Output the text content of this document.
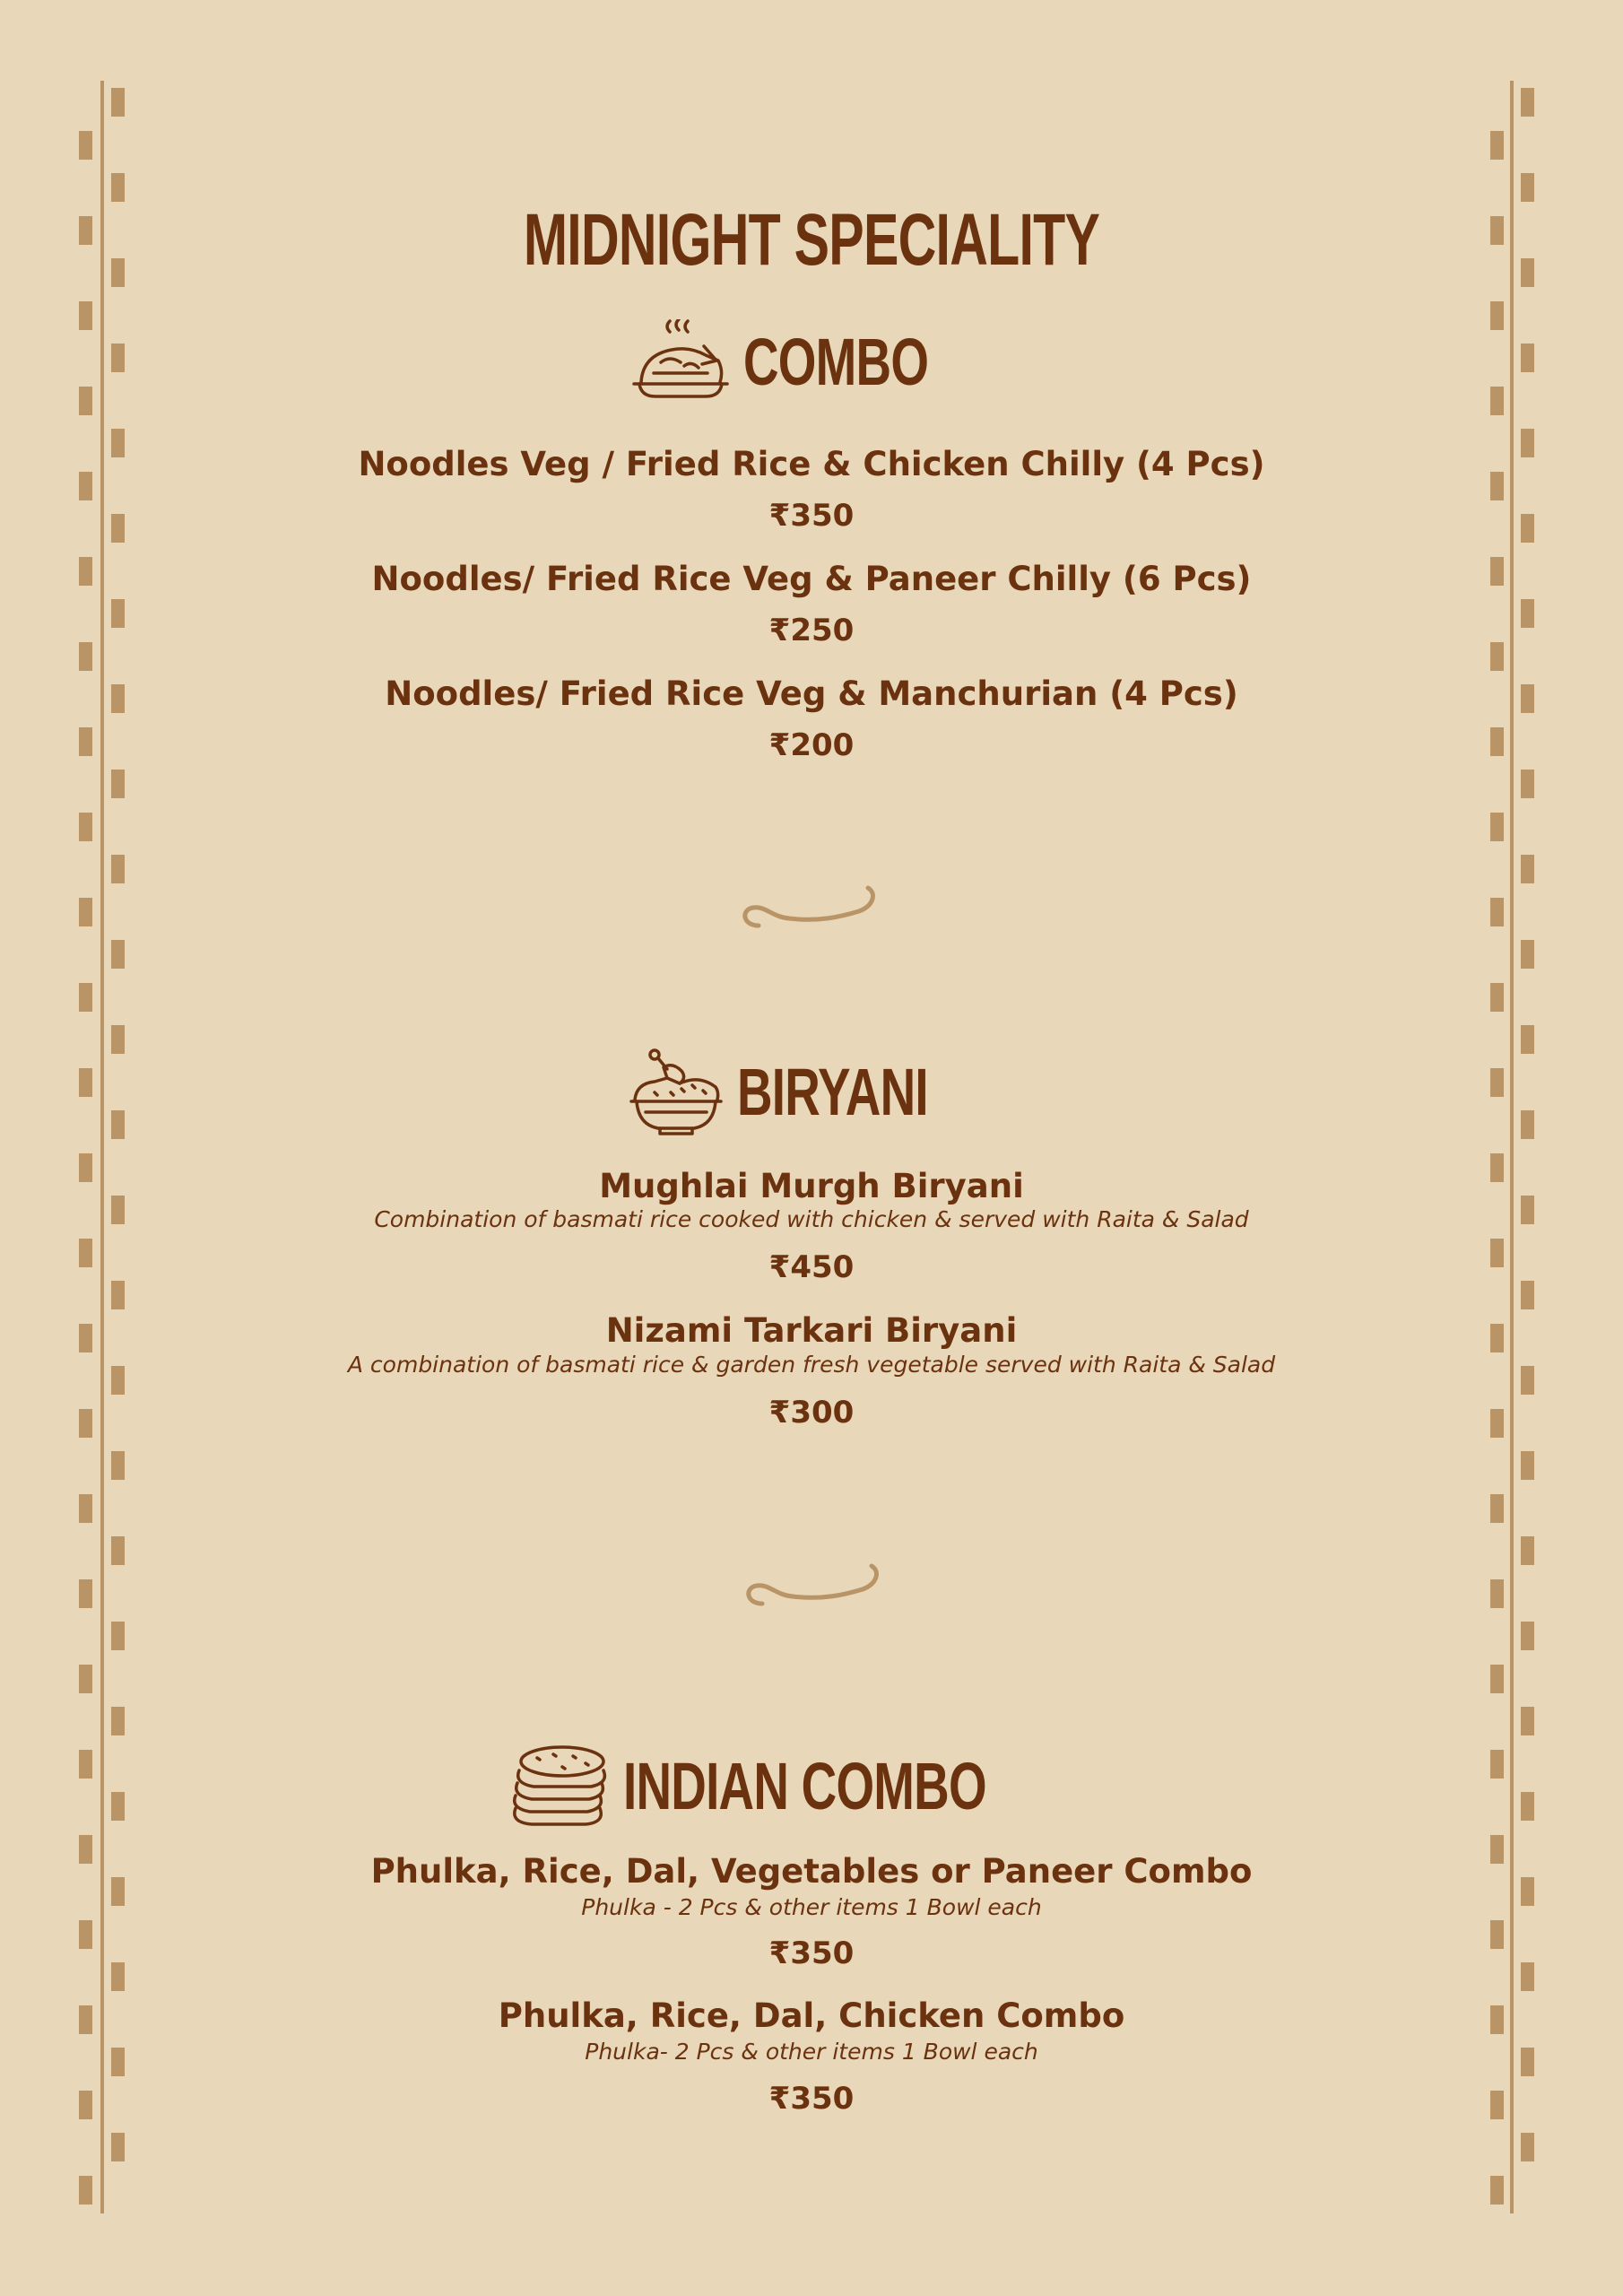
MIDNIGHT SPECIALITY
COMBO
Noodles Veg / Fried Rice & Chicken Chilly (4 Pcs)
₹350
Noodles/ Fried Rice Veg & Paneer Chilly (6 Pcs)
₹250
Noodles/ Fried Rice Veg & Manchurian (4 Pcs)
₹200
BIRYANI
Mughlai Murgh Biryani
Combination of basmati rice cooked with chicken & served with Raita & Salad
₹450
Nizami Tarkari Biryani
A combination of basmati rice & garden fresh vegetable served with Raita & Salad
₹300
INDIAN COMBO
Phulka, Rice, Dal, Vegetables or Paneer Combo
Phulka - 2 Pcs & other items 1 Bowl each
₹350
Phulka, Rice, Dal, Chicken Combo
Phulka- 2 Pcs & other items 1 Bowl each
₹350
